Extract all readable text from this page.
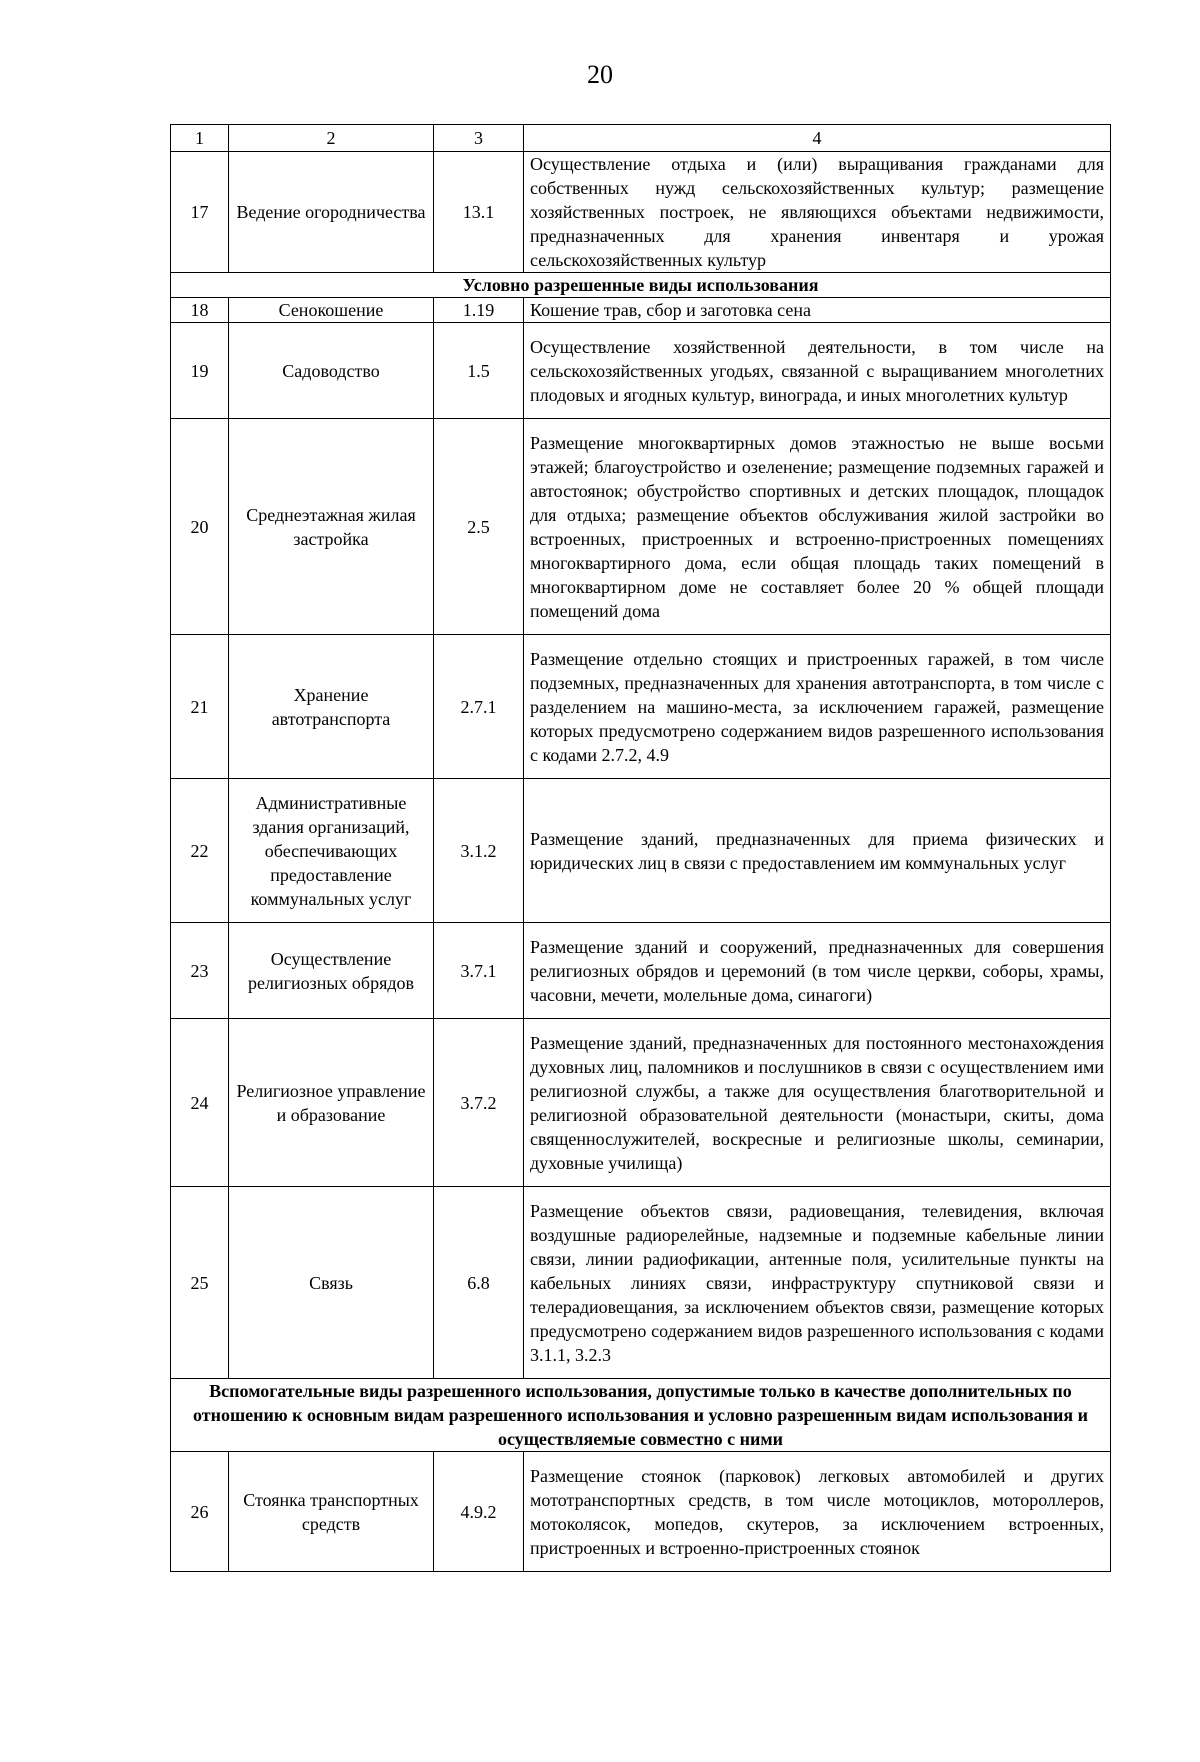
20
1	2	3	4
17	Ведение огородничества	13.1	Осуществление отдыха и (или) выращивания гражданами для собственных нужд сельскохозяйственных культур; размещение хозяйственных построек, не являющихся объектами недвижимости, предназначенных для хранения инвентаря и урожая сельскохозяйственных культур
Условно разрешенные виды использования			
18	Сенокошение	1.19	Кошение трав, сбор и заготовка сена
19	Садоводство	1.5	Осуществление хозяйственной деятельности, в том числе на сельскохозяйственных угодьях, связанной с выращиванием многолетних плодовых и ягодных культур, винограда, и иных многолетних культур
20	Среднеэтажная жилая застройка	2.5	Размещение многоквартирных домов этажностью не выше восьми этажей; благоустройство и озеленение; размещение подземных гаражей и автостоянок; обустройство спортивных и детских площадок, площадок для отдыха; размещение объектов обслуживания жилой застройки во встроенных, пристроенных и встроенно-пристроенных помещениях многоквартирного дома, если общая площадь таких помещений в многоквартирном доме не составляет более 20 % общей площади помещений дома
21	Хранение автотранспорта	2.7.1	Размещение отдельно стоящих и пристроенных гаражей, в том числе подземных, предназначенных для хранения автотранспорта, в том числе с разделением на машино-места, за исключением гаражей, размещение которых предусмотрено содержанием видов разрешенного использования с кодами 2.7.2, 4.9
22	Административные здания организаций, обеспечивающих предоставление коммунальных услуг	3.1.2	Размещение зданий, предназначенных для приема физических и юридических лиц в связи с предоставлением им коммунальных услуг
23	Осуществление религиозных обрядов	3.7.1	Размещение зданий и сооружений, предназначенных для совершения религиозных обрядов и церемоний (в том числе церкви, соборы, храмы, часовни, мечети, молельные дома, синагоги)
24	Религиозное управление и образование	3.7.2	Размещение зданий, предназначенных для постоянного местонахождения духовных лиц, паломников и послушников в связи с осуществлением ими религиозной службы, а также для осуществления благотворительной и религиозной образовательной деятельности (монастыри, скиты, дома священнослужителей, воскресные и религиозные школы, семинарии, духовные училища)
25	Связь	6.8	Размещение объектов связи, радиовещания, телевидения, включая воздушные радиорелейные, надземные и подземные кабельные линии связи, линии радиофикации, антенные поля, усилительные пункты на кабельных линиях связи, инфраструктуру спутниковой связи и телерадиовещания, за исключением объектов связи, размещение которых предусмотрено содержанием видов разрешенного использования с кодами 3.1.1, 3.2.3
Вспомогательные виды разрешенного использования, допустимые только в качестве дополнительных по отношению к основным видам разрешенного использования и условно разрешенным видам использования и осуществляемые совместно с ними			
26	Стоянка транспортных средств	4.9.2	Размещение стоянок (парковок) легковых автомобилей и других мототранспортных средств, в том числе мотоциклов, мотороллеров, мотоколясок, мопедов, скутеров, за исключением встроенных, пристроенных и встроенно-пристроенных стоянок
